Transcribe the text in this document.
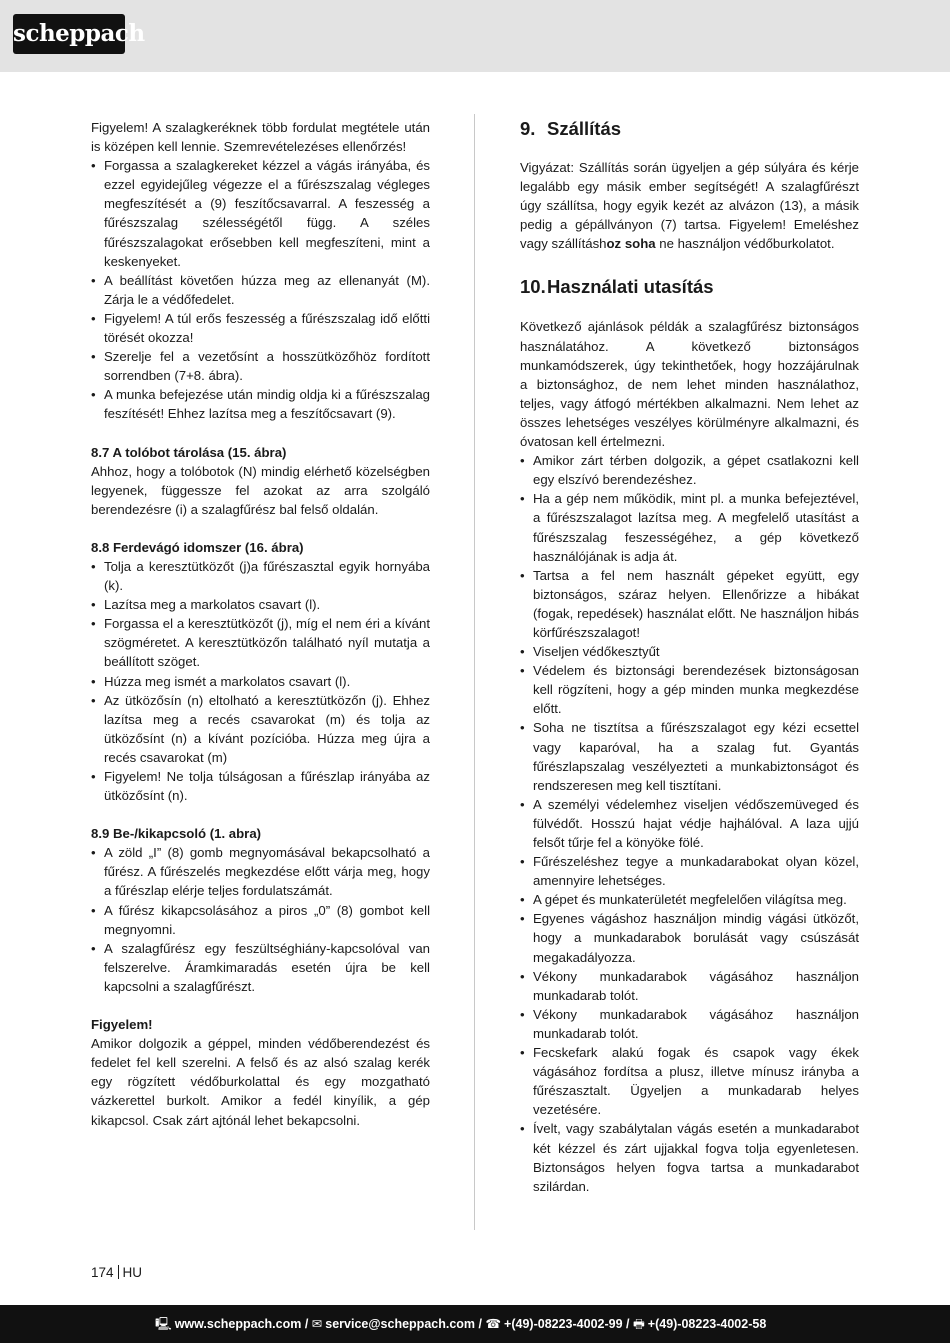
scheppach

Figyelem! A szalagkeréknek több fordulat megtétele után is középen kell lennie. Szemrevételezéses ellenőrzés!

• Forgassa a szalagkereket kézzel a vágás irányába, és ezzel egyidejűleg végezze el a fűrészszalag végleges megfeszítését a (9) feszítőcsavarral. A feszesség a fűrészszalag szélességétől függ. A széles fűrészszalagokat erősebben kell megfeszíteni, mint a keskenyeket.
• A beállítást követően húzza meg az ellenanyát (M). Zárja le a védőfedelet.
• Figyelem! A túl erős feszesség a fűrészszalag idő előtti törését okozza!
• Szerelje fel a vezetősínt a hosszütközőhöz fordított sorrendben (7+8. ábra).
• A munka befejezése után mindig oldja ki a fűrészszalag feszítését! Ehhez lazítsa meg a feszítőcsavart (9).

8.7 A tolóbot tárolása (15. ábra)

Ahhoz, hogy a tolóbotok (N) mindig elérhető közelségben legyenek, függessze fel azokat az arra szolgáló berendezésre (i) a szalagfűrész bal felső oldalán.

8.8 Ferdevágó idomszer (16. ábra)

• Tolja a keresztütközőt (j)a fűrészasztal egyik hornyába (k).
• Lazítsa meg a markolatos csavart (l).
• Forgassa el a keresztütközőt (j), míg el nem éri a kívánt szögméretet. A keresztütközőn található nyíl mutatja a beállított szöget.
• Húzza meg ismét a markolatos csavart (l).
• Az ütközősín (n) eltolható a keresztütközőn (j). Ehhez lazítsa meg a recés csavarokat (m) és tolja az ütközősínt (n) a kívánt pozícióba. Húzza meg újra a recés csavarokat (m)
• Figyelem! Ne tolja túlságosan a fűrészlap irányába az ütközősínt (n).

8.9 Be-/kikapcsoló (1. abra)

• A zöld „I” (8) gomb megnyomásával bekapcsolható a fűrész. A fűrészelés megkezdése előtt várja meg, hogy a fűrészlap elérje teljes fordulatszámát.
• A fűrész kikapcsolásához a piros „0” (8) gombot kell megnyomni.
• A szalagfűrész egy feszültséghiány-kapcsolóval van felszerelve. Áramkimaradás esetén újra be kell kapcsolni a szalagfűrészt.

Figyelem!

Amikor dolgozik a géppel, minden védőberendezést és fedelet fel kell szerelni. A felső és az alsó szalag kerék egy rögzített védőburkolattal és egy mozgatható vázkerettel burkolt. Amikor a fedél kinyílik, a gép kikapcsol. Csak zárt ajtónál lehet bekapcsolni.

9. Szállítás

Vigyázat: Szállítás során ügyeljen a gép súlyára és kérje legalább egy másik ember segítségét! A szalagfűrészt úgy szállítsa, hogy egyik kezét az alvázon (13), a másik pedig a gépállványon (7) tartsa. Figyelem! Emeléshez vagy szállításhoz soha ne használjon védőburkolatot.

10. Használati utasítás

Következő ajánlások példák a szalagfűrész biztonságos használatához. A következő biztonságos munkamódszerek, úgy tekinthetőek, hogy hozzájárulnak a biztonsághoz, de nem lehet minden használathoz, teljes, vagy átfogó mértékben alkalmazni. Nem lehet az összes lehetséges veszélyes körülményre alkalmazni, és óvatosan kell értelmezni.

• Amikor zárt térben dolgozik, a gépet csatlakozni kell egy elszívó berendezéshez.
• Ha a gép nem működik, mint pl. a munka befejeztével, a fűrészszalagot lazítsa meg. A megfelelő utasítást a fűrészszalag feszességéhez, a gép következő használójának is adja át.
• Tartsa a fel nem használt gépeket együtt, egy biztonságos, száraz helyen. Ellenőrizze a hibákat (fogak, repedések) használat előtt. Ne használjon hibás körfűrészszalagot!
• Viseljen védőkesztyűt
• Védelem és biztonsági berendezések biztonságosan kell rögzíteni, hogy a gép minden munka megkezdése előtt.
• Soha ne tisztítsa a fűrészszalagot egy kézi ecsettel vagy kaparóval, ha a szalag fut. Gyantás fűrészlapszalag veszélyezteti a munkabiztonságot és rendszeresen meg kell tisztítani.
• A személyi védelemhez viseljen védőszemüveged és fülvédőt. Hosszú hajat védje hajhálóval. A laza ujjú felsőt tűrje fel a könyöke fölé.
• Fűrészeléshez tegye a munkadarabokat olyan közel, amennyire lehetséges.
• A gépet és munkaterületét megfelelően világítsa meg.
• Egyenes vágáshoz használjon mindig vágási ütközőt, hogy a munkadarabok borulását vagy csúszását megakadályozza.
• Vékony munkadarabok vágásához használjon munkadarab tolót.
• Vékony munkadarabok vágásához használjon munkadarab tolót.
• Fecskefark alakú fogak és csapok vagy ékek vágásához fordítsa a plusz, illetve mínusz irányba a fűrészasztalt. Ügyeljen a munkadarab helyes vezetésére.
• Ívelt, vagy szabálytalan vágás esetén a munkadarabot két kézzel és zárt ujjakkal fogva tolja egyenletesen. Biztonságos helyen fogva tartsa a munkadarabot szilárdan.
174 HU
🖳 www.scheppach.com / ✉ service@scheppach.com / ☎ +(49)-08223-4002-99 / 🖶 +(49)-08223-4002-58
